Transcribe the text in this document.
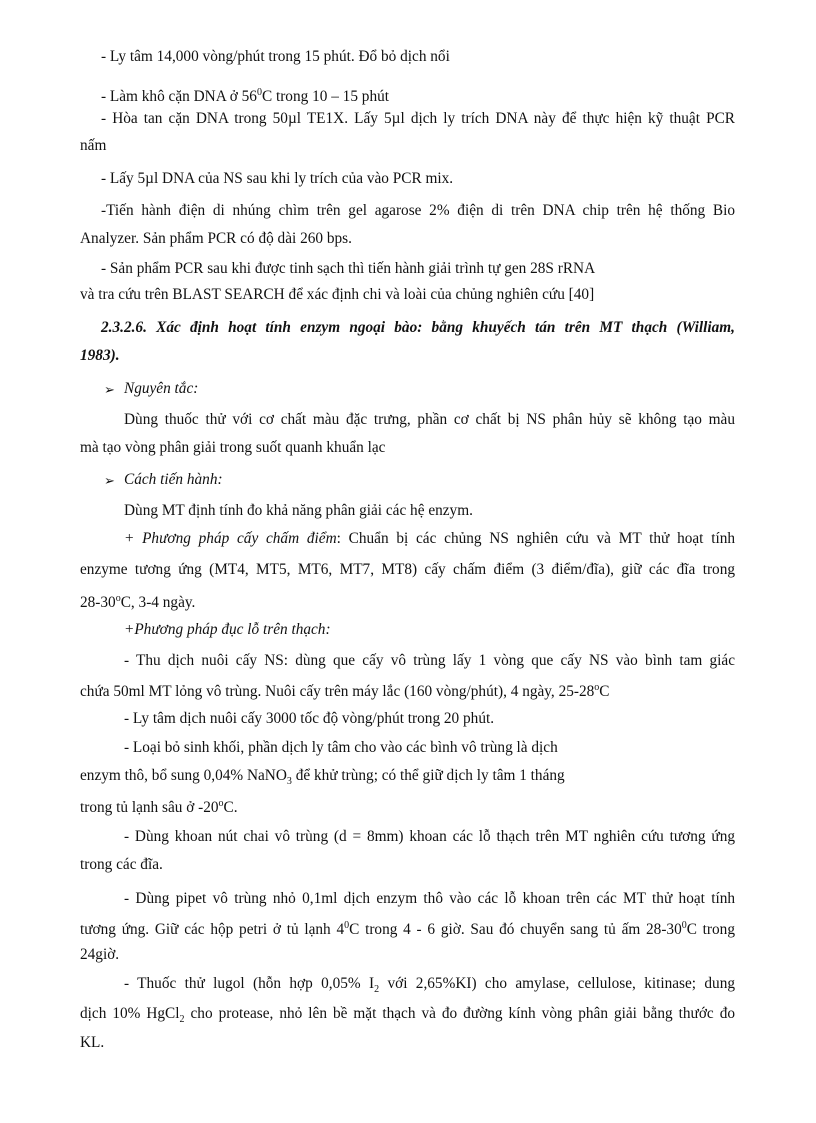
- Ly tâm 14,000 vòng/phút trong 15 phút. Đổ bỏ dịch nổi
- Làm khô cặn DNA ở $56^0C$ trong 10 – 15 phút
- Hòa tan cặn DNA trong 50µl TE1X. Lấy 5µl dịch ly trích DNA này để thực hiện kỹ thuật PCR
nấm
- Lấy 5µl DNA của NS sau khi ly trích của vào PCR mix.
-Tiến hành điện di nhúng chìm trên gel agarose 2% điện di trên DNA chip trên hệ thống Bio
Analyzer. Sản phẩm PCR có độ dài 260 bps.
- Sản phẩm PCR sau khi được tinh sạch thì tiến hành giải trình tự gen 28S rRNA
và tra cứu trên BLAST SEARCH để xác định chi và loài của chủng nghiên cứu [40]
2.3.2.6. Xác định hoạt tính enzym ngoại bào: bằng khuyếch tán trên MT thạch (William,
1983).
➢ Nguyên tắc:
Dùng thuốc thử với cơ chất màu đặc trưng, phần cơ chất bị NS phân hủy sẽ không tạo màu
mà tạo vòng phân giải trong suốt quanh khuẩn lạc
➢ Cách tiến hành:
Dùng MT định tính đo khả năng phân giải các hệ enzym.
+ Phương pháp cấy chấm điểm: Chuẩn bị các chủng NS nghiên cứu và MT thử hoạt tính
enzyme tương ứng (MT4, MT5, MT6, MT7, MT8) cấy chấm điểm (3 điểm/đĩa), giữ các đĩa trong
28-30$^o$C, 3-4 ngày.
+Phương pháp đục lỗ trên thạch:
- Thu dịch nuôi cấy NS: dùng que cấy vô trùng lấy 1 vòng que cấy NS vào bình tam giác
chứa 50ml MT lỏng vô trùng. Nuôi cấy trên máy lắc (160 vòng/phút), 4 ngày, 25-28$^o$C
- Ly tâm dịch nuôi cấy 3000 tốc độ vòng/phút trong 20 phút.
- Loại bỏ sinh khối, phần dịch ly tâm cho vào các bình vô trùng là dịch
enzym thô, bổ sung 0,04% NaNO$_3$ để khử trùng; có thể giữ dịch ly tâm 1 tháng
trong tủ lạnh sâu ở -20$^o$C.
- Dùng khoan nút chai vô trùng (d = 8mm) khoan các lỗ thạch trên MT nghiên cứu tương ứng
trong các đĩa.
- Dùng pipet vô trùng nhỏ 0,1ml dịch enzym thô vào các lỗ khoan trên các MT thử hoạt tính
tương ứng. Giữ các hộp petri ở tủ lạnh $4^0C$ trong 4 - 6 giờ. Sau đó chuyển sang tủ ấm $28-30^0C$ trong
24giờ.
- Thuốc thử lugol (hỗn hợp 0,05% $I_2$ với 2,65%KI) cho amylase, cellulose, kitinase; dung
dịch 10% HgCl$_2$ cho protease, nhỏ lên bề mặt thạch và đo đường kính vòng phân giải bằng thước đo
KL.
